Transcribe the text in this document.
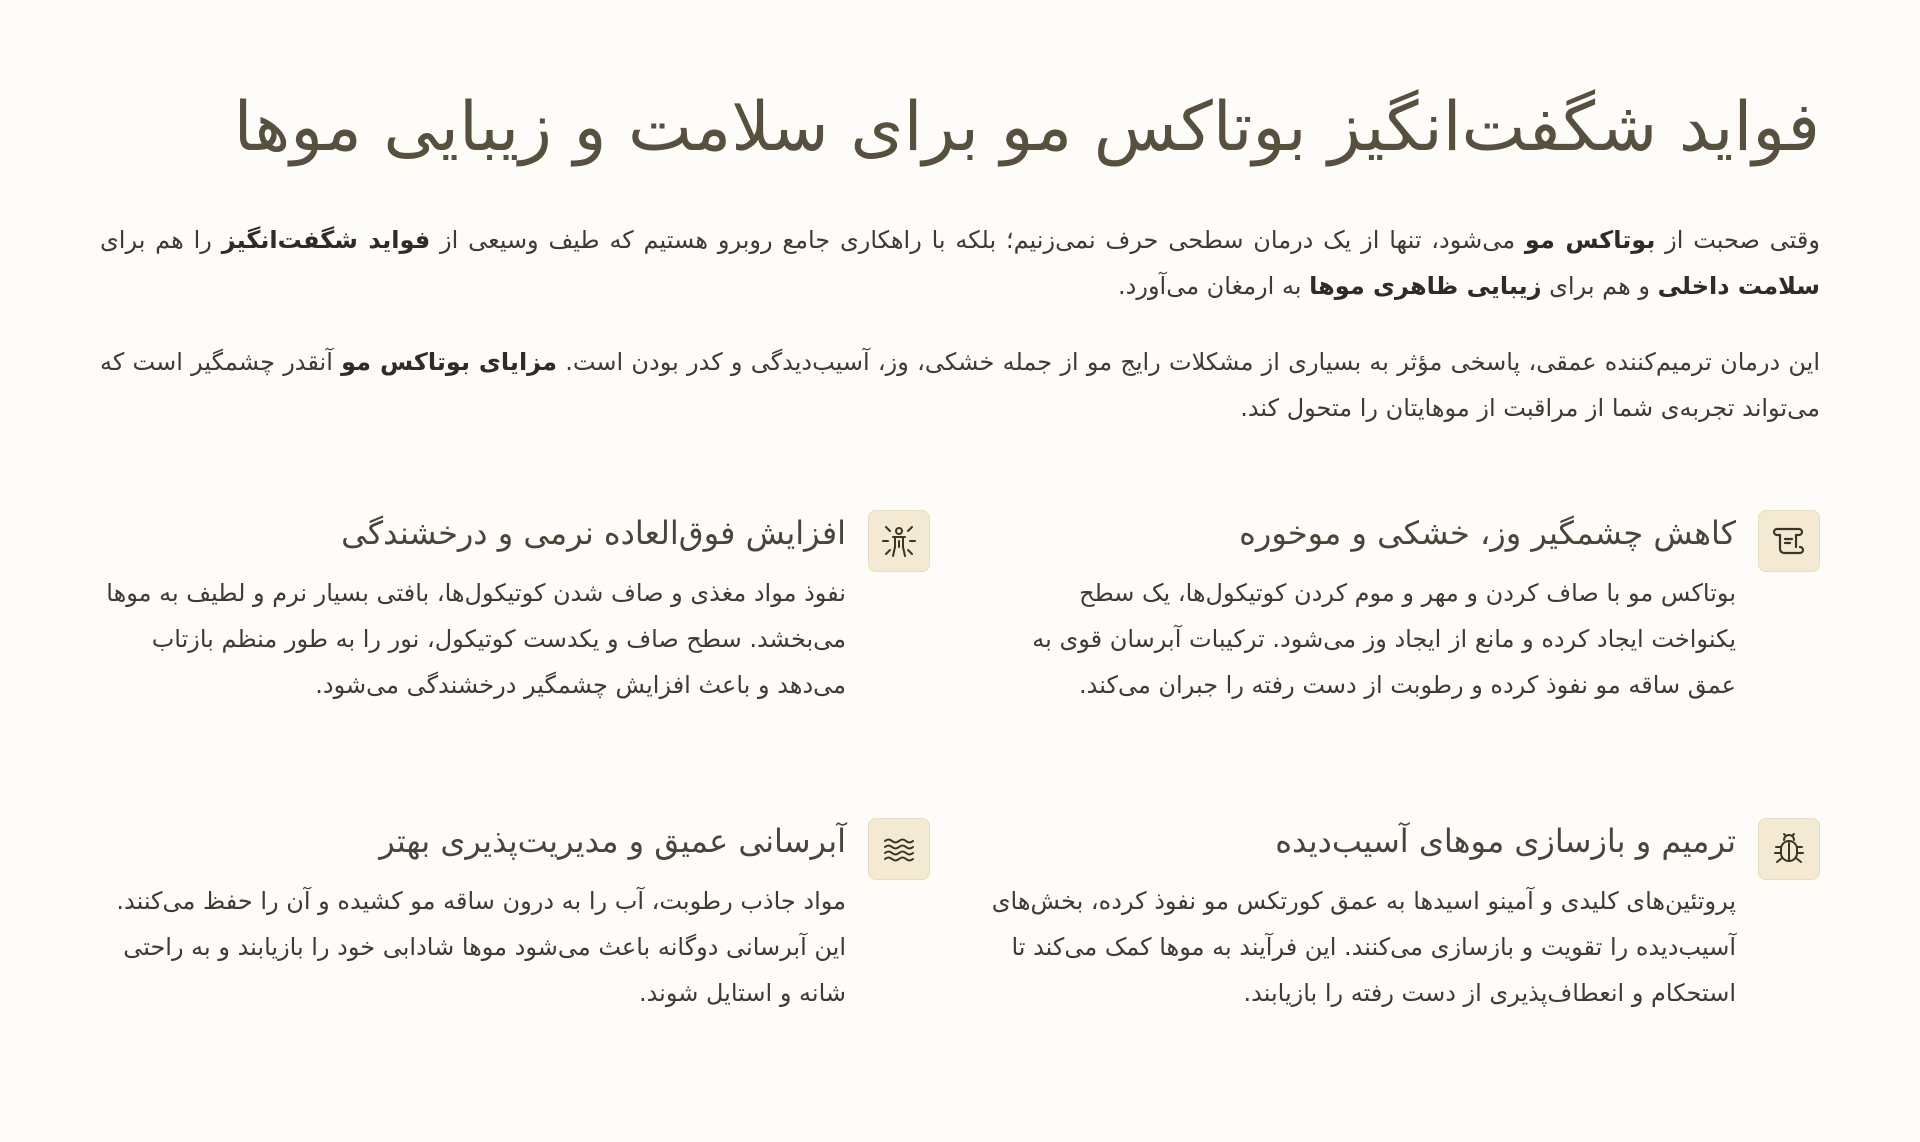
فواید شگفت‌انگیز بوتاکس مو برای سلامت و زیبایی موها

وقتی صحبت از بوتاکس مو می‌شود، تنها از یک درمان سطحی حرف نمی‌زنیم؛ بلکه با راهکاری جامع روبرو هستیم که طیف وسیعی از فواید شگفت‌انگیز را هم برای سلامت داخلی و هم برای زیبایی ظاهری موها به ارمغان می‌آورد.

این درمان ترمیم‌کننده عمقی، پاسخی مؤثر به بسیاری از مشکلات رایج مو از جمله خشکی، وز، آسیب‌دیدگی و کدر بودن است. مزایای بوتاکس مو آنقدر چشمگیر است که می‌تواند تجربه‌ی شما از مراقبت از موهایتان را متحول کند.

کاهش چشمگیر وز، خشکی و موخوره

بوتاکس مو با صاف کردن و مهر و موم کردن کوتیکول‌ها، یک سطح یکنواخت ایجاد کرده و مانع از ایجاد وز می‌شود. ترکیبات آبرسان قوی به عمق ساقه مو نفوذ کرده و رطوبت از دست رفته را جبران می‌کند.

افزایش فوق‌العاده نرمی و درخشندگی

نفوذ مواد مغذی و صاف شدن کوتیکول‌ها، بافتی بسیار نرم و لطیف به موها می‌بخشد. سطح صاف و یکدست کوتیکول، نور را به طور منظم بازتاب می‌دهد و باعث افزایش چشمگیر درخشندگی می‌شود.

ترمیم و بازسازی موهای آسیب‌دیده

پروتئین‌های کلیدی و آمینو اسیدها به عمق کورتکس مو نفوذ کرده، بخش‌های آسیب‌دیده را تقویت و بازسازی می‌کنند. این فرآیند به موها کمک می‌کند تا استحکام و انعطاف‌پذیری از دست رفته را بازیابند.

آبرسانی عمیق و مدیریت‌پذیری بهتر

مواد جاذب رطوبت، آب را به درون ساقه مو کشیده و آن را حفظ می‌کنند. این آبرسانی دوگانه باعث می‌شود موها شادابی خود را بازیابند و به راحتی شانه و استایل شوند.
